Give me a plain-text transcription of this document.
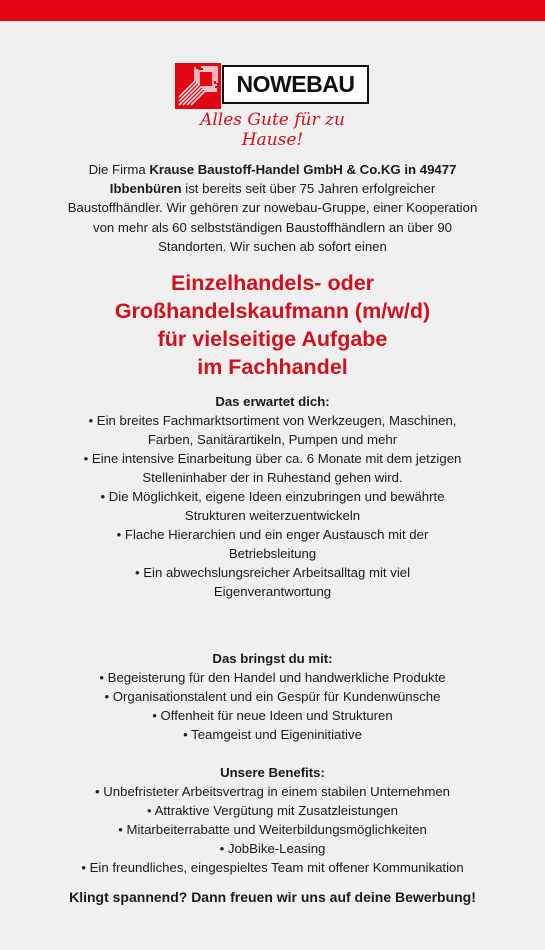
NOWEBAU
Alles Gute für zu Hause!
Die Firma Krause Baustoff-Handel GmbH & Co.KG in 49477
Ibbenbüren ist bereits seit über 75 Jahren erfolgreicher
Baustoffhändler. Wir gehören zur nowebau-Gruppe, einer Kooperation
von mehr als 60 selbstständigen Baustoffhändlern an über 90
Standorten. Wir suchen ab sofort einen
Einzelhandels- oder
Großhandelskaufmann (m/w/d)
für vielseitige Aufgabe
im Fachhandel
Das erwartet dich:
• Ein breites Fachmarktsortiment von Werkzeugen, Maschinen,
Farben, Sanitärartikeln, Pumpen und mehr
• Eine intensive Einarbeitung über ca. 6 Monate mit dem jetzigen
Stelleninhaber der in Ruhestand gehen wird.
• Die Möglichkeit, eigene Ideen einzubringen und bewährte
Strukturen weiterzuentwickeln
• Flache Hierarchien und ein enger Austausch mit der
Betriebsleitung
• Ein abwechslungsreicher Arbeitsalltag mit viel
Eigenverantwortung
Das bringst du mit:
• Begeisterung für den Handel und handwerkliche Produkte
• Organisationstalent und ein Gespür für Kundenwünsche
• Offenheit für neue Ideen und Strukturen
• Teamgeist und Eigeninitiative
Unsere Benefits:
• Unbefristeter Arbeitsvertrag in einem stabilen Unternehmen
• Attraktive Vergütung mit Zusatzleistungen
• Mitarbeiterrabatte und Weiterbildungsmöglichkeiten
• JobBike-Leasing
• Ein freundliches, eingespieltes Team mit offener Kommunikation
Klingt spannend? Dann freuen wir uns auf deine Bewerbung!
